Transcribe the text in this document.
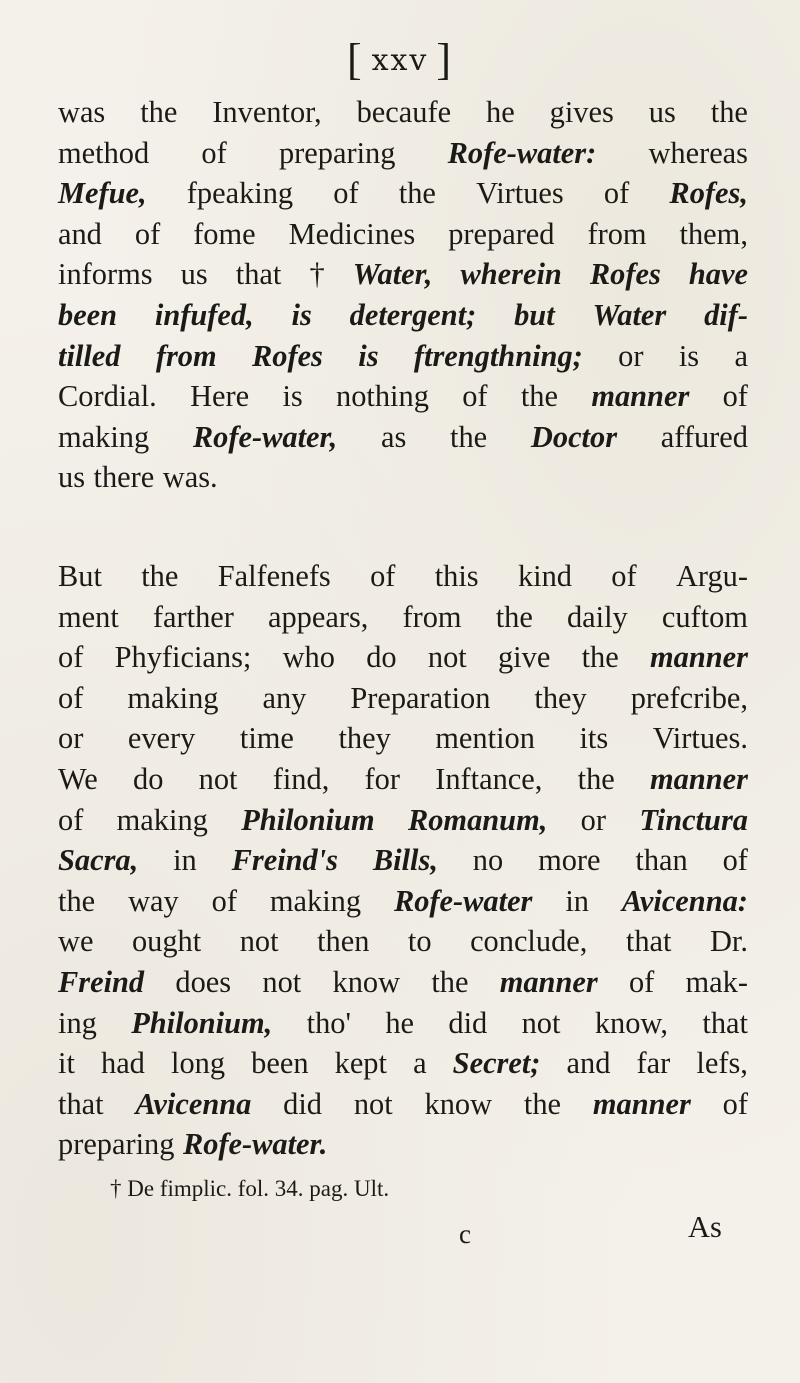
[ xxv ]
was the Inventor, becaufe he gives us the
method of preparing Rofe-water: whereas
Mefue, fpeaking of the Virtues of Rofes,
and of fome Medicines prepared from them,
informs us that † Water, wherein Rofes have
been infufed, is detergent; but Water dif-
tilled from Rofes is ftrengthning; or is a
Cordial. Here is nothing of the manner of
making Rofe-water, as the Doctor affured
us there was.
But the Falfenefs of this kind of Argu-
ment farther appears, from the daily cuftom
of Phyficians; who do not give the manner
of making any Preparation they prefcribe,
or every time they mention its Virtues.
We do not find, for Inftance, the manner
of making Philonium Romanum, or Tinctura
Sacra, in Freind's Bills, no more than of
the way of making Rofe-water in Avicenna:
we ought not then to conclude, that Dr.
Freind does not know the manner of mak-
ing Philonium, tho' he did not know, that
it had long been kept a Secret; and far lefs,
that Avicenna did not know the manner of
preparing Rofe-water.
† De fimplic. fol. 34. pag. Ult.
c	As
